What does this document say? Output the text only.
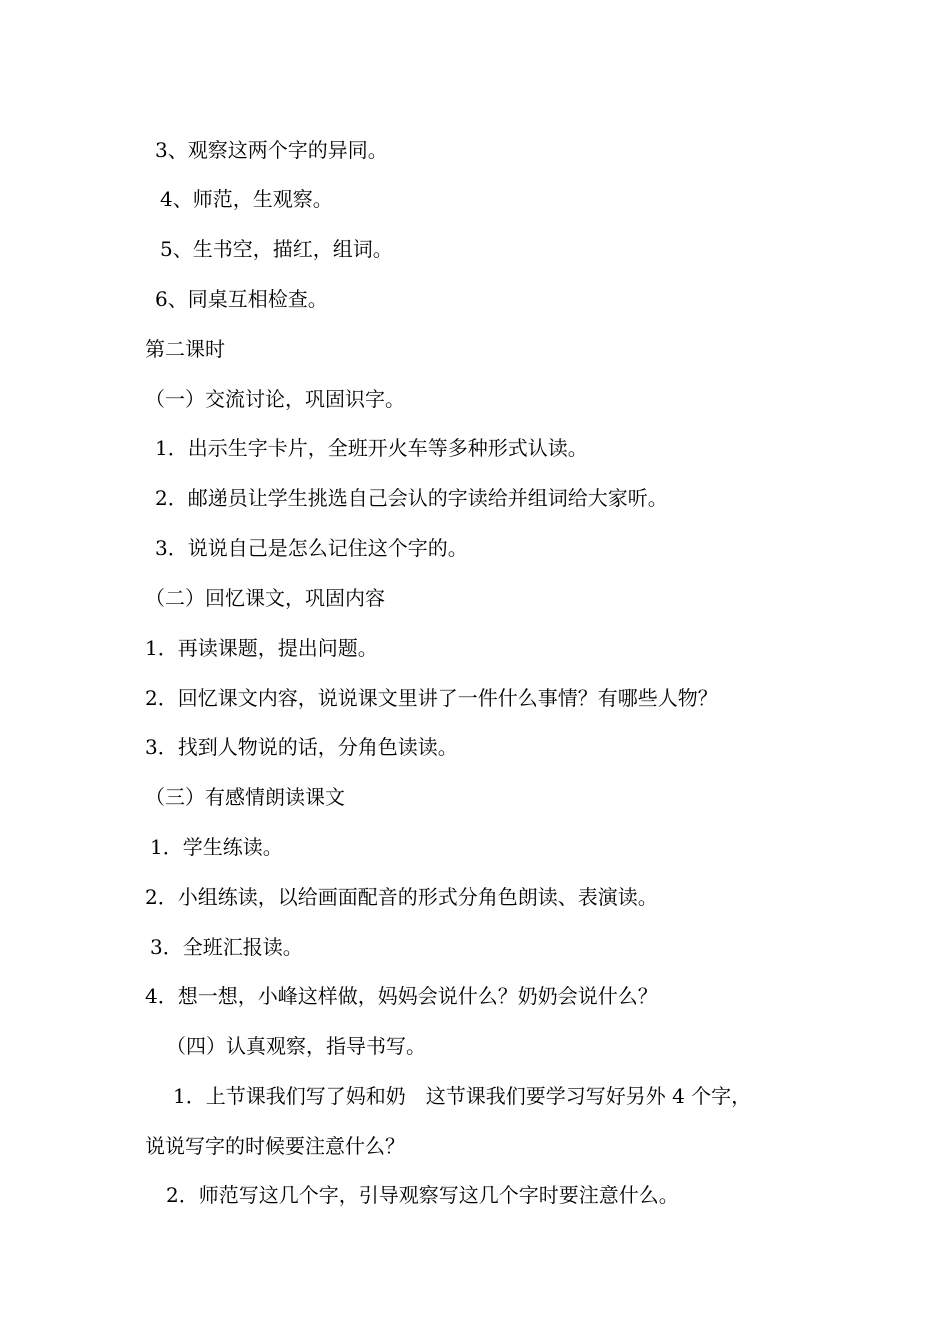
3、观察这两个字的异同。

4、师范，生观察。

5、生书空，描红，组词。

6、同桌互相检查。

第二课时

（一）交流讨论，巩固识字。

1．出示生字卡片，全班开火车等多种形式认读。

2．邮递员让学生挑选自己会认的字读给并组词给大家听。

3．说说自己是怎么记住这个字的。

（二）回忆课文，巩固内容

1．再读课题，提出问题。

2．回忆课文内容，说说课文里讲了一件什么事情？有哪些人物？

3．找到人物说的话，分角色读读。

（三）有感情朗读课文

1．学生练读。

2．小组练读，以给画面配音的形式分角色朗读、表演读。

3．全班汇报读。

4．想一想，小峰这样做，妈妈会说什么？奶奶会说什么？

（四）认真观察，指导书写。

1．上节课我们写了妈和奶　这节课我们要学习写好另外 4 个字，

说说写字的时候要注意什么？

2．师范写这几个字，引导观察写这几个字时要注意什么。
